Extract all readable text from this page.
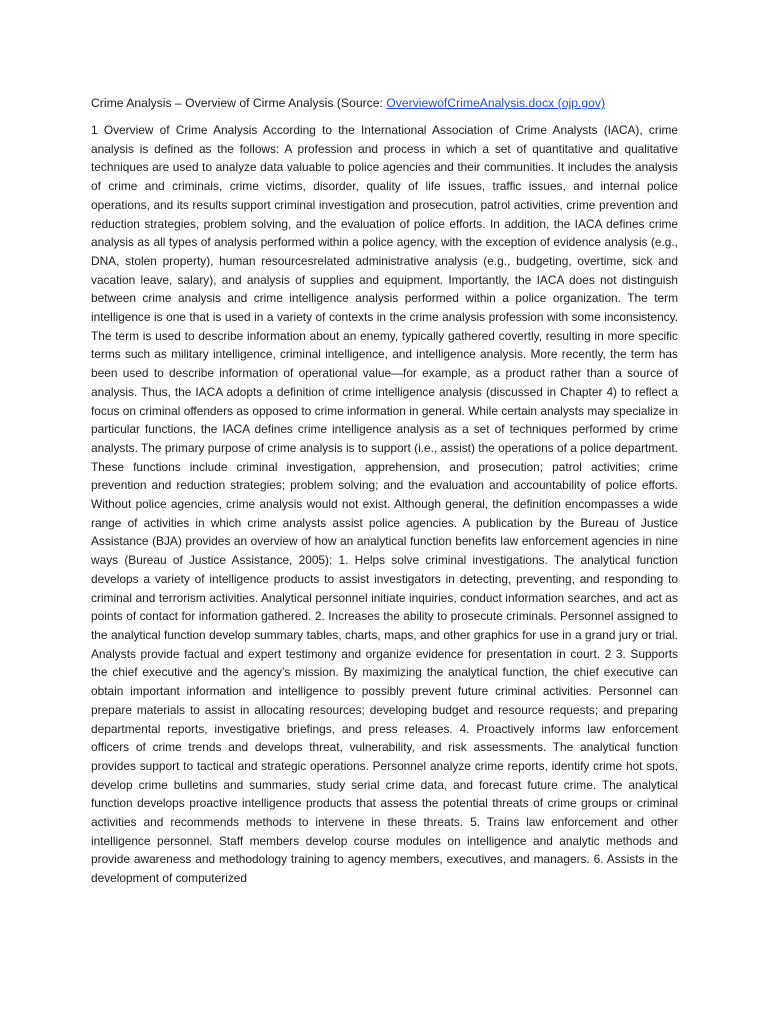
Crime Analysis – Overview of Cirme Analysis (Source: OverviewofCrimeAnalysis.docx (ojp.gov)

1 Overview of Crime Analysis According to the International Association of Crime Analysts (IACA), crime analysis is defined as the follows: A profession and process in which a set of quantitative and qualitative techniques are used to analyze data valuable to police agencies and their communities. It includes the analysis of crime and criminals, crime victims, disorder, quality of life issues, traffic issues, and internal police operations, and its results support criminal investigation and prosecution, patrol activities, crime prevention and reduction strategies, problem solving, and the evaluation of police efforts. In addition, the IACA defines crime analysis as all types of analysis performed within a police agency, with the exception of evidence analysis (e.g., DNA, stolen property), human resourcesrelated administrative analysis (e.g., budgeting, overtime, sick and vacation leave, salary), and analysis of supplies and equipment. Importantly, the IACA does not distinguish between crime analysis and crime intelligence analysis performed within a police organization. The term intelligence is one that is used in a variety of contexts in the crime analysis profession with some inconsistency. The term is used to describe information about an enemy, typically gathered covertly, resulting in more specific terms such as military intelligence, criminal intelligence, and intelligence analysis. More recently, the term has been used to describe information of operational value—for example, as a product rather than a source of analysis. Thus, the IACA adopts a definition of crime intelligence analysis (discussed in Chapter 4) to reflect a focus on criminal offenders as opposed to crime information in general. While certain analysts may specialize in particular functions, the IACA defines crime intelligence analysis as a set of techniques performed by crime analysts. The primary purpose of crime analysis is to support (i.e., assist) the operations of a police department. These functions include criminal investigation, apprehension, and prosecution; patrol activities; crime prevention and reduction strategies; problem solving; and the evaluation and accountability of police efforts. Without police agencies, crime analysis would not exist. Although general, the definition encompasses a wide range of activities in which crime analysts assist police agencies. A publication by the Bureau of Justice Assistance (BJA) provides an overview of how an analytical function benefits law enforcement agencies in nine ways (Bureau of Justice Assistance, 2005): 1. Helps solve criminal investigations. The analytical function develops a variety of intelligence products to assist investigators in detecting, preventing, and responding to criminal and terrorism activities. Analytical personnel initiate inquiries, conduct information searches, and act as points of contact for information gathered. 2. Increases the ability to prosecute criminals. Personnel assigned to the analytical function develop summary tables, charts, maps, and other graphics for use in a grand jury or trial. Analysts provide factual and expert testimony and organize evidence for presentation in court. 2 3. Supports the chief executive and the agency’s mission. By maximizing the analytical function, the chief executive can obtain important information and intelligence to possibly prevent future criminal activities. Personnel can prepare materials to assist in allocating resources; developing budget and resource requests; and preparing departmental reports, investigative briefings, and press releases. 4. Proactively informs law enforcement officers of crime trends and develops threat, vulnerability, and risk assessments. The analytical function provides support to tactical and strategic operations. Personnel analyze crime reports, identify crime hot spots, develop crime bulletins and summaries, study serial crime data, and forecast future crime. The analytical function develops proactive intelligence products that assess the potential threats of crime groups or criminal activities and recommends methods to intervene in these threats. 5. Trains law enforcement and other intelligence personnel. Staff members develop course modules on intelligence and analytic methods and provide awareness and methodology training to agency members, executives, and managers. 6. Assists in the development of computerized
